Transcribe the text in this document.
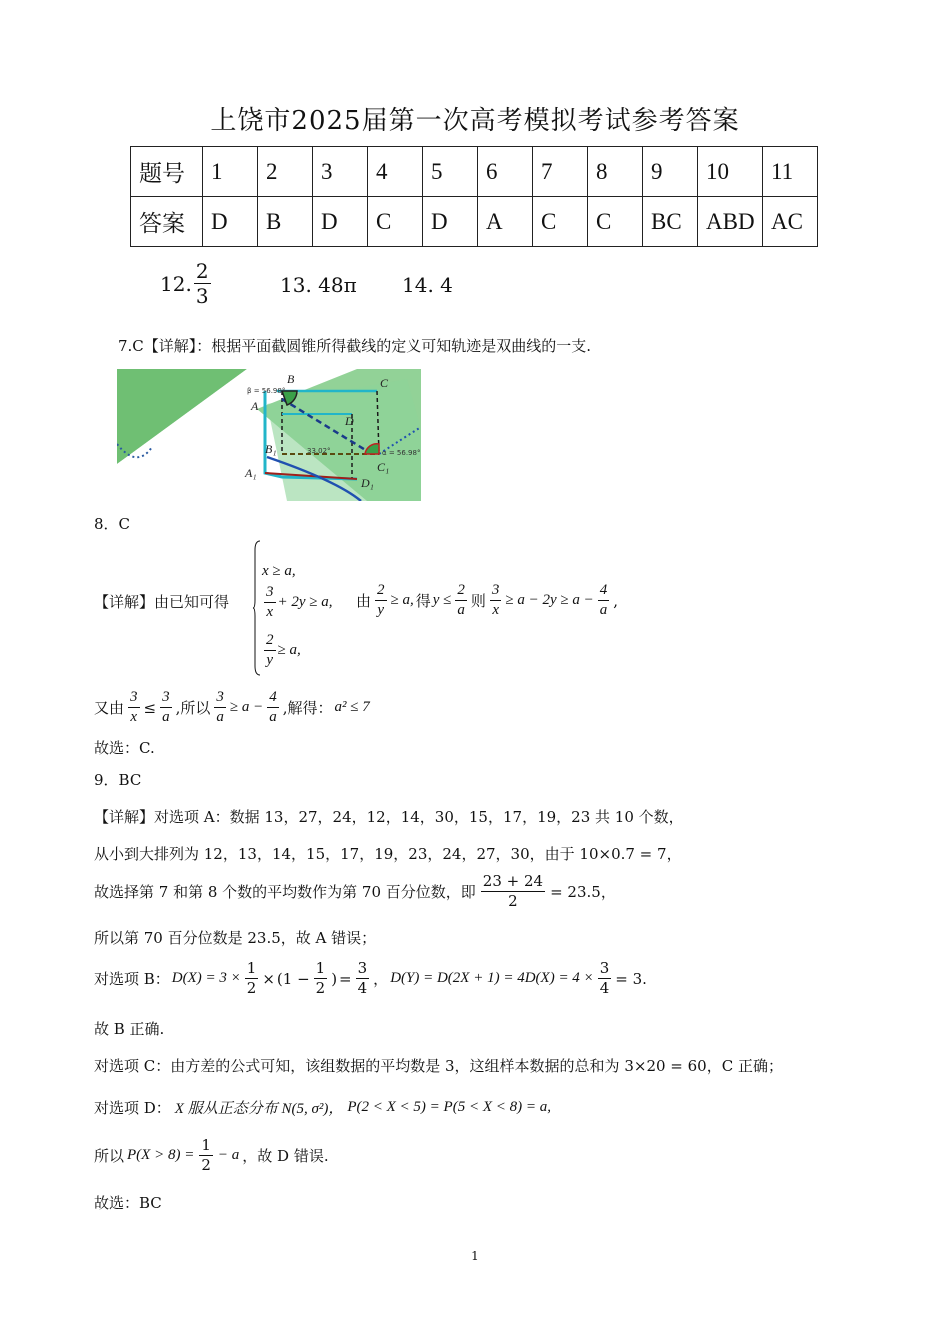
上饶市2025届第一次高考模拟考试参考答案
题号	1	2	3	4	5	6	7	8	9	10	11
答案	D	B	D	C	D	A	C	C	BC	ABD	AC
12. $\frac{2}{3}$	13. 48π 14. 4
7.C【详解】：根据平面截圆锥所得截线的定义可知轨迹是双曲线的一支.
B	C
A
D
B₁
C₁
A₁
D₁
β = 56.98°
α = 56.98°
33.02°
8．C
【详解】由已知可得
x ≥ a,
$\frac{3}{x} + 2y \ge a$,
$\frac{2}{y} \ge a$,
由 $\frac{2}{y} \ge a$, 得 $y \le \frac{2}{a}$ 则 $\frac{3}{x} \ge a - 2y \ge a - \frac{4}{a}$ ,
又由 $\frac{3}{x} \le \frac{3}{a}$ ,所以 $\frac{3}{a} \ge a - \frac{4}{a}$ ,解得： a² ≤ 7
故选：C.
9．BC
【详解】对选项 A：数据 13，27，24，12，14，30，15，17，19，23 共 10 个数，
从小到大排列为 12，13，14，15，17，19，23，24，27，30，由于 10×0.7 = 7，
故选择第 7 和第 8 个数的平均数作为第 70 百分位数，即 $\frac{23 + 24}{2} = 23.5$，
所以第 70 百分位数是 23.5，故 A 错误；
对选项 B： $D(X) = 3 \times \frac{1}{2} \times (1 - \frac{1}{2}$ ) = $\frac{3}{4}$ ， $D(Y) = D(2X + 1) = 4D(X) = 4 \times \frac{3}{4} = 3$.
故 B 正确.
对选项 C：由方差的公式可知，该组数据的平均数是 3，这组样本数据的总和为 3×20 = 60，C 正确；
对选项 D： X 服从正态分布 N(5, σ²)， P(2 < X < 5) = P(5 < X < 8) = a,
所以 $P(X > 8) = \frac{1}{2} - a$ ，故 D 错误.
故选：BC
1
